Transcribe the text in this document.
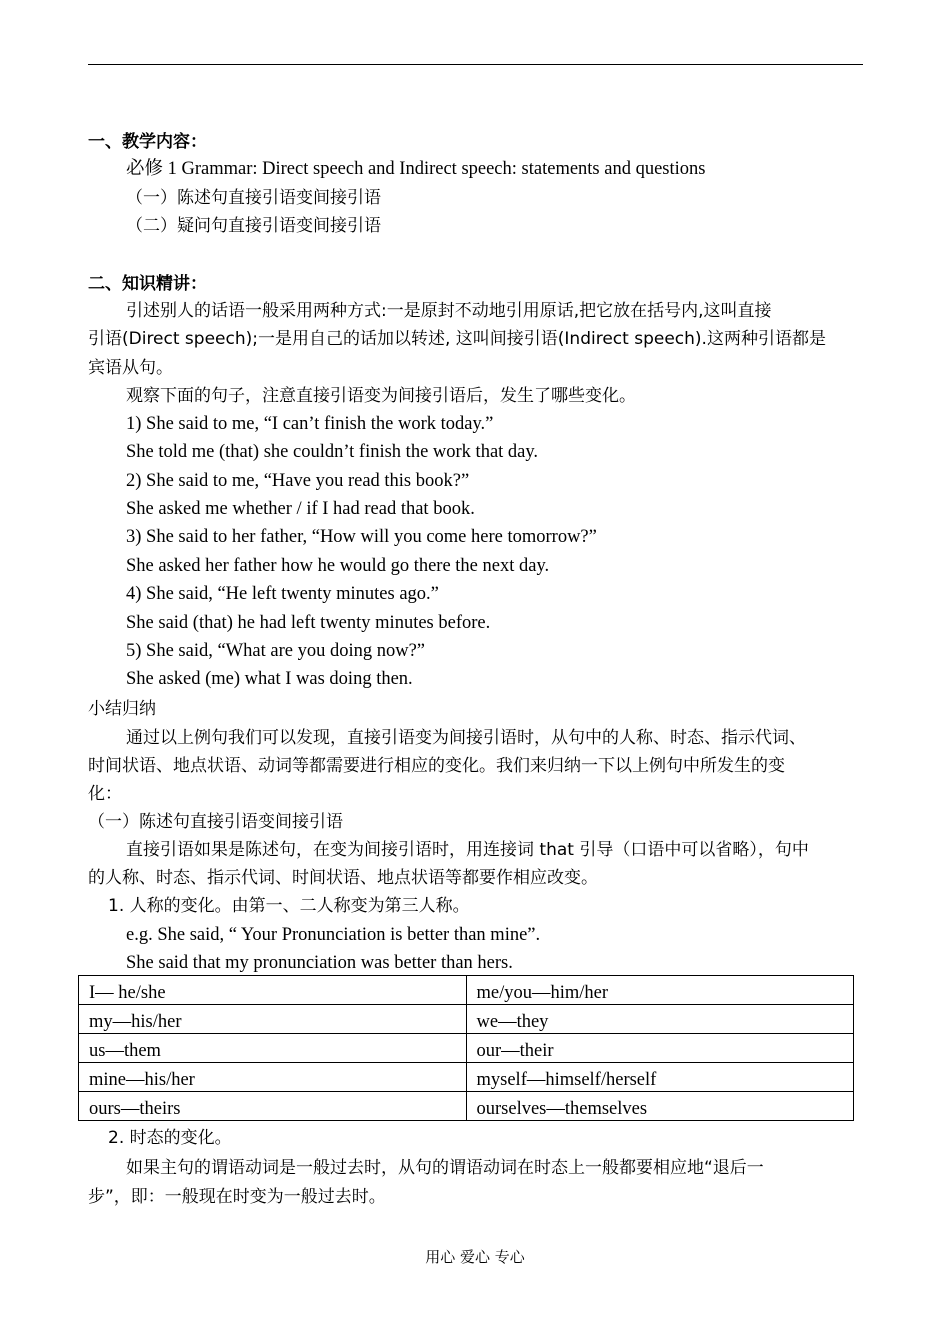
一、教学内容：
必修 1 Grammar: Direct speech and Indirect speech: statements and questions
（一）陈述句直接引语变间接引语
（二）疑问句直接引语变间接引语
二、知识精讲：
引述别人的话语一般采用两种方式:一是原封不动地引用原话,把它放在括号内,这叫直接
引语(Direct speech);一是用自己的话加以转述, 这叫间接引语(Indirect speech).这两种引语都是
宾语从句。
观察下面的句子，注意直接引语变为间接引语后，发生了哪些变化。
1) She said to me, “I can’t finish the work today.”
She told me (that) she couldn’t finish the work that day.
2) She said to me, “Have you read this book?”
She asked me whether / if I had read that book.
3) She said to her father, “How will you come here tomorrow?”
She asked her father how he would go there the next day.
4) She said, “He left twenty minutes ago.”
She said (that) he had left twenty minutes before.
5) She said, “What are you doing now?”
She asked (me) what I was doing then.
小结归纳
通过以上例句我们可以发现，直接引语变为间接引语时，从句中的人称、时态、指示代词、
时间状语、地点状语、动词等都需要进行相应的变化。我们来归纳一下以上例句中所发生的变
化：
（一）陈述句直接引语变间接引语
直接引语如果是陈述句，在变为间接引语时，用连接词 that 引导（口语中可以省略），句中
的人称、时态、指示代词、时间状语、地点状语等都要作相应改变。
1. 人称的变化。由第一、二人称变为第三人称。
e.g. She said, “ Your Pronunciation is better than mine”.
She said that my pronunciation was better than hers.
I— he/she	me/you—him/her
my—his/her	we—they
us—them	our—their
mine—his/her	myself—himself/herself
ours—theirs	ourselves—themselves
2. 时态的变化。
如果主句的谓语动词是一般过去时，从句的谓语动词在时态上一般都要相应地“退后一
步”，即：一般现在时变为一般过去时。
用心 爱心 专心
